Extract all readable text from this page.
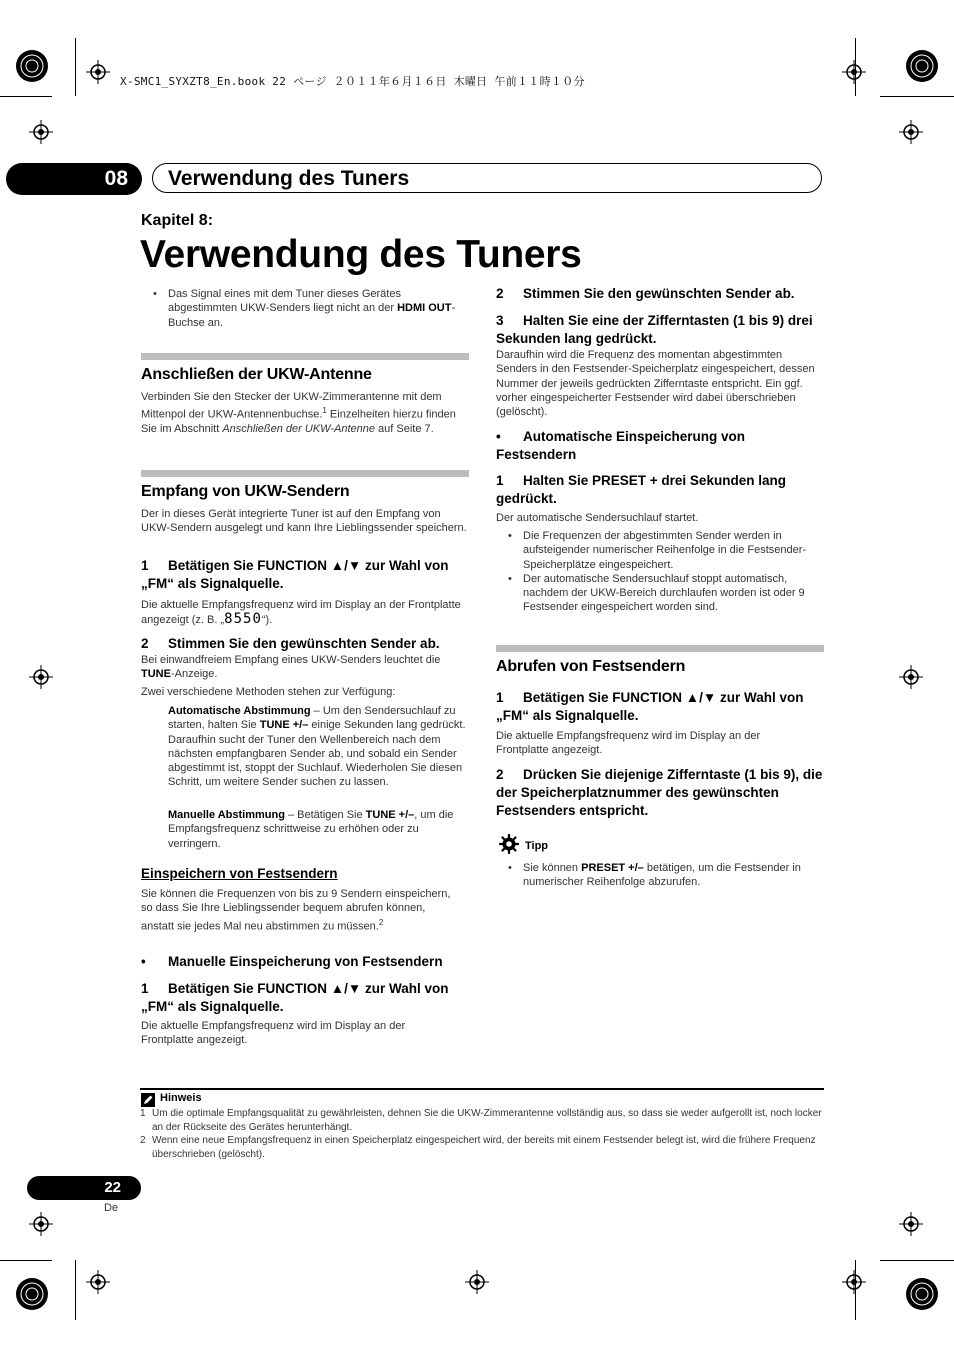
X-SMC1_SYXZT8_En.book 22 ページ ２０１１年６月１６日 木曜日 午前１１時１０分
08	Verwendung des Tuners
Kapitel 8:
Verwendung des Tuners

• Das Signal eines mit dem Tuner dieses Gerätes abgestimmten UKW-Senders liegt nicht an der HDMI OUT-Buchse an.

Anschließen der UKW-Antenne
Verbinden Sie den Stecker der UKW-Zimmerantenne mit dem Mittenpol der UKW-Antennenbuchse.$^1$ Einzelheiten hierzu finden Sie im Abschnitt Anschließen der UKW-Antenne auf Seite 7.
Empfang von UKW-Sendern
Der in dieses Gerät integrierte Tuner ist auf den Empfang von UKW-Sendern ausgelegt und kann Ihre Lieblingssender speichern.
1 Betätigen Sie FUNCTION ▲/▼ zur Wahl von „FM“ als Signalquelle.
Die aktuelle Empfangsfrequenz wird im Display an der Frontplatte angezeigt (z. B. „8550“).
2 Stimmen Sie den gewünschten Sender ab.
Bei einwandfreiem Empfang eines UKW-Senders leuchtet die TUNE-Anzeige.
Zwei verschiedene Methoden stehen zur Verfügung:
Automatische Abstimmung – Um den Sendersuchlauf zu starten, halten Sie TUNE +/– einige Sekunden lang gedrückt. Daraufhin sucht der Tuner den Wellenbereich nach dem nächsten empfangbaren Sender ab, und sobald ein Sender abgestimmt ist, stoppt der Suchlauf. Wiederholen Sie diesen Schritt, um weitere Sender suchen zu lassen.
Manuelle Abstimmung – Betätigen Sie TUNE +/–, um die Empfangsfrequenz schrittweise zu erhöhen oder zu verringern.
Einspeichern von Festsendern
Sie können die Frequenzen von bis zu 9 Sendern einspeichern, so dass Sie Ihre Lieblingssender bequem abrufen können, anstatt sie jedes Mal neu abstimmen zu müssen.$^2$
• Manuelle Einspeicherung von Festsendern
1 Betätigen Sie FUNCTION ▲/▼ zur Wahl von „FM“ als Signalquelle.
Die aktuelle Empfangsfrequenz wird im Display an der Frontplatte angezeigt.
2 Stimmen Sie den gewünschten Sender ab.
3 Halten Sie eine der Zifferntasten (1 bis 9) drei Sekunden lang gedrückt.
Daraufhin wird die Frequenz des momentan abgestimmten Senders in den Festsender-Speicherplatz eingespeichert, dessen Nummer der jeweils gedrückten Zifferntaste entspricht. Ein ggf. vorher eingespeicherter Festsender wird dabei überschrieben (gelöscht).
• Automatische Einspeicherung von Festsendern
1 Halten Sie PRESET + drei Sekunden lang gedrückt.
Der automatische Sendersuchlauf startet.

• Die Frequenzen der abgestimmten Sender werden in aufsteigender numerischer Reihenfolge in die Festsender-Speicherplätze eingespeichert.

• Der automatische Sendersuchlauf stoppt automatisch, nachdem der UKW-Bereich durchlaufen worden ist oder 9 Festsender eingespeichert worden sind.

Abrufen von Festsendern
1 Betätigen Sie FUNCTION ▲/▼ zur Wahl von „FM“ als Signalquelle.
Die aktuelle Empfangsfrequenz wird im Display an der Frontplatte angezeigt.
2 Drücken Sie diejenige Zifferntaste (1 bis 9), die der Speicherplatznummer des gewünschten Festsenders entspricht.
Tipp

• Sie können PRESET +/– betätigen, um die Festsender in numerischer Reihenfolge abzurufen.

Hinweis
1 Um die optimale Empfangsqualität zu gewährleisten, dehnen Sie die UKW-Zimmerantenne vollständig aus, so dass sie weder aufgerollt ist, noch locker an der Rückseite des Gerätes herunterhängt.
2 Wenn eine neue Empfangsfrequenz in einen Speicherplatz eingespeichert wird, der bereits mit einem Festsender belegt ist, wird die frühere Frequenz überschrieben (gelöscht).
22
De
